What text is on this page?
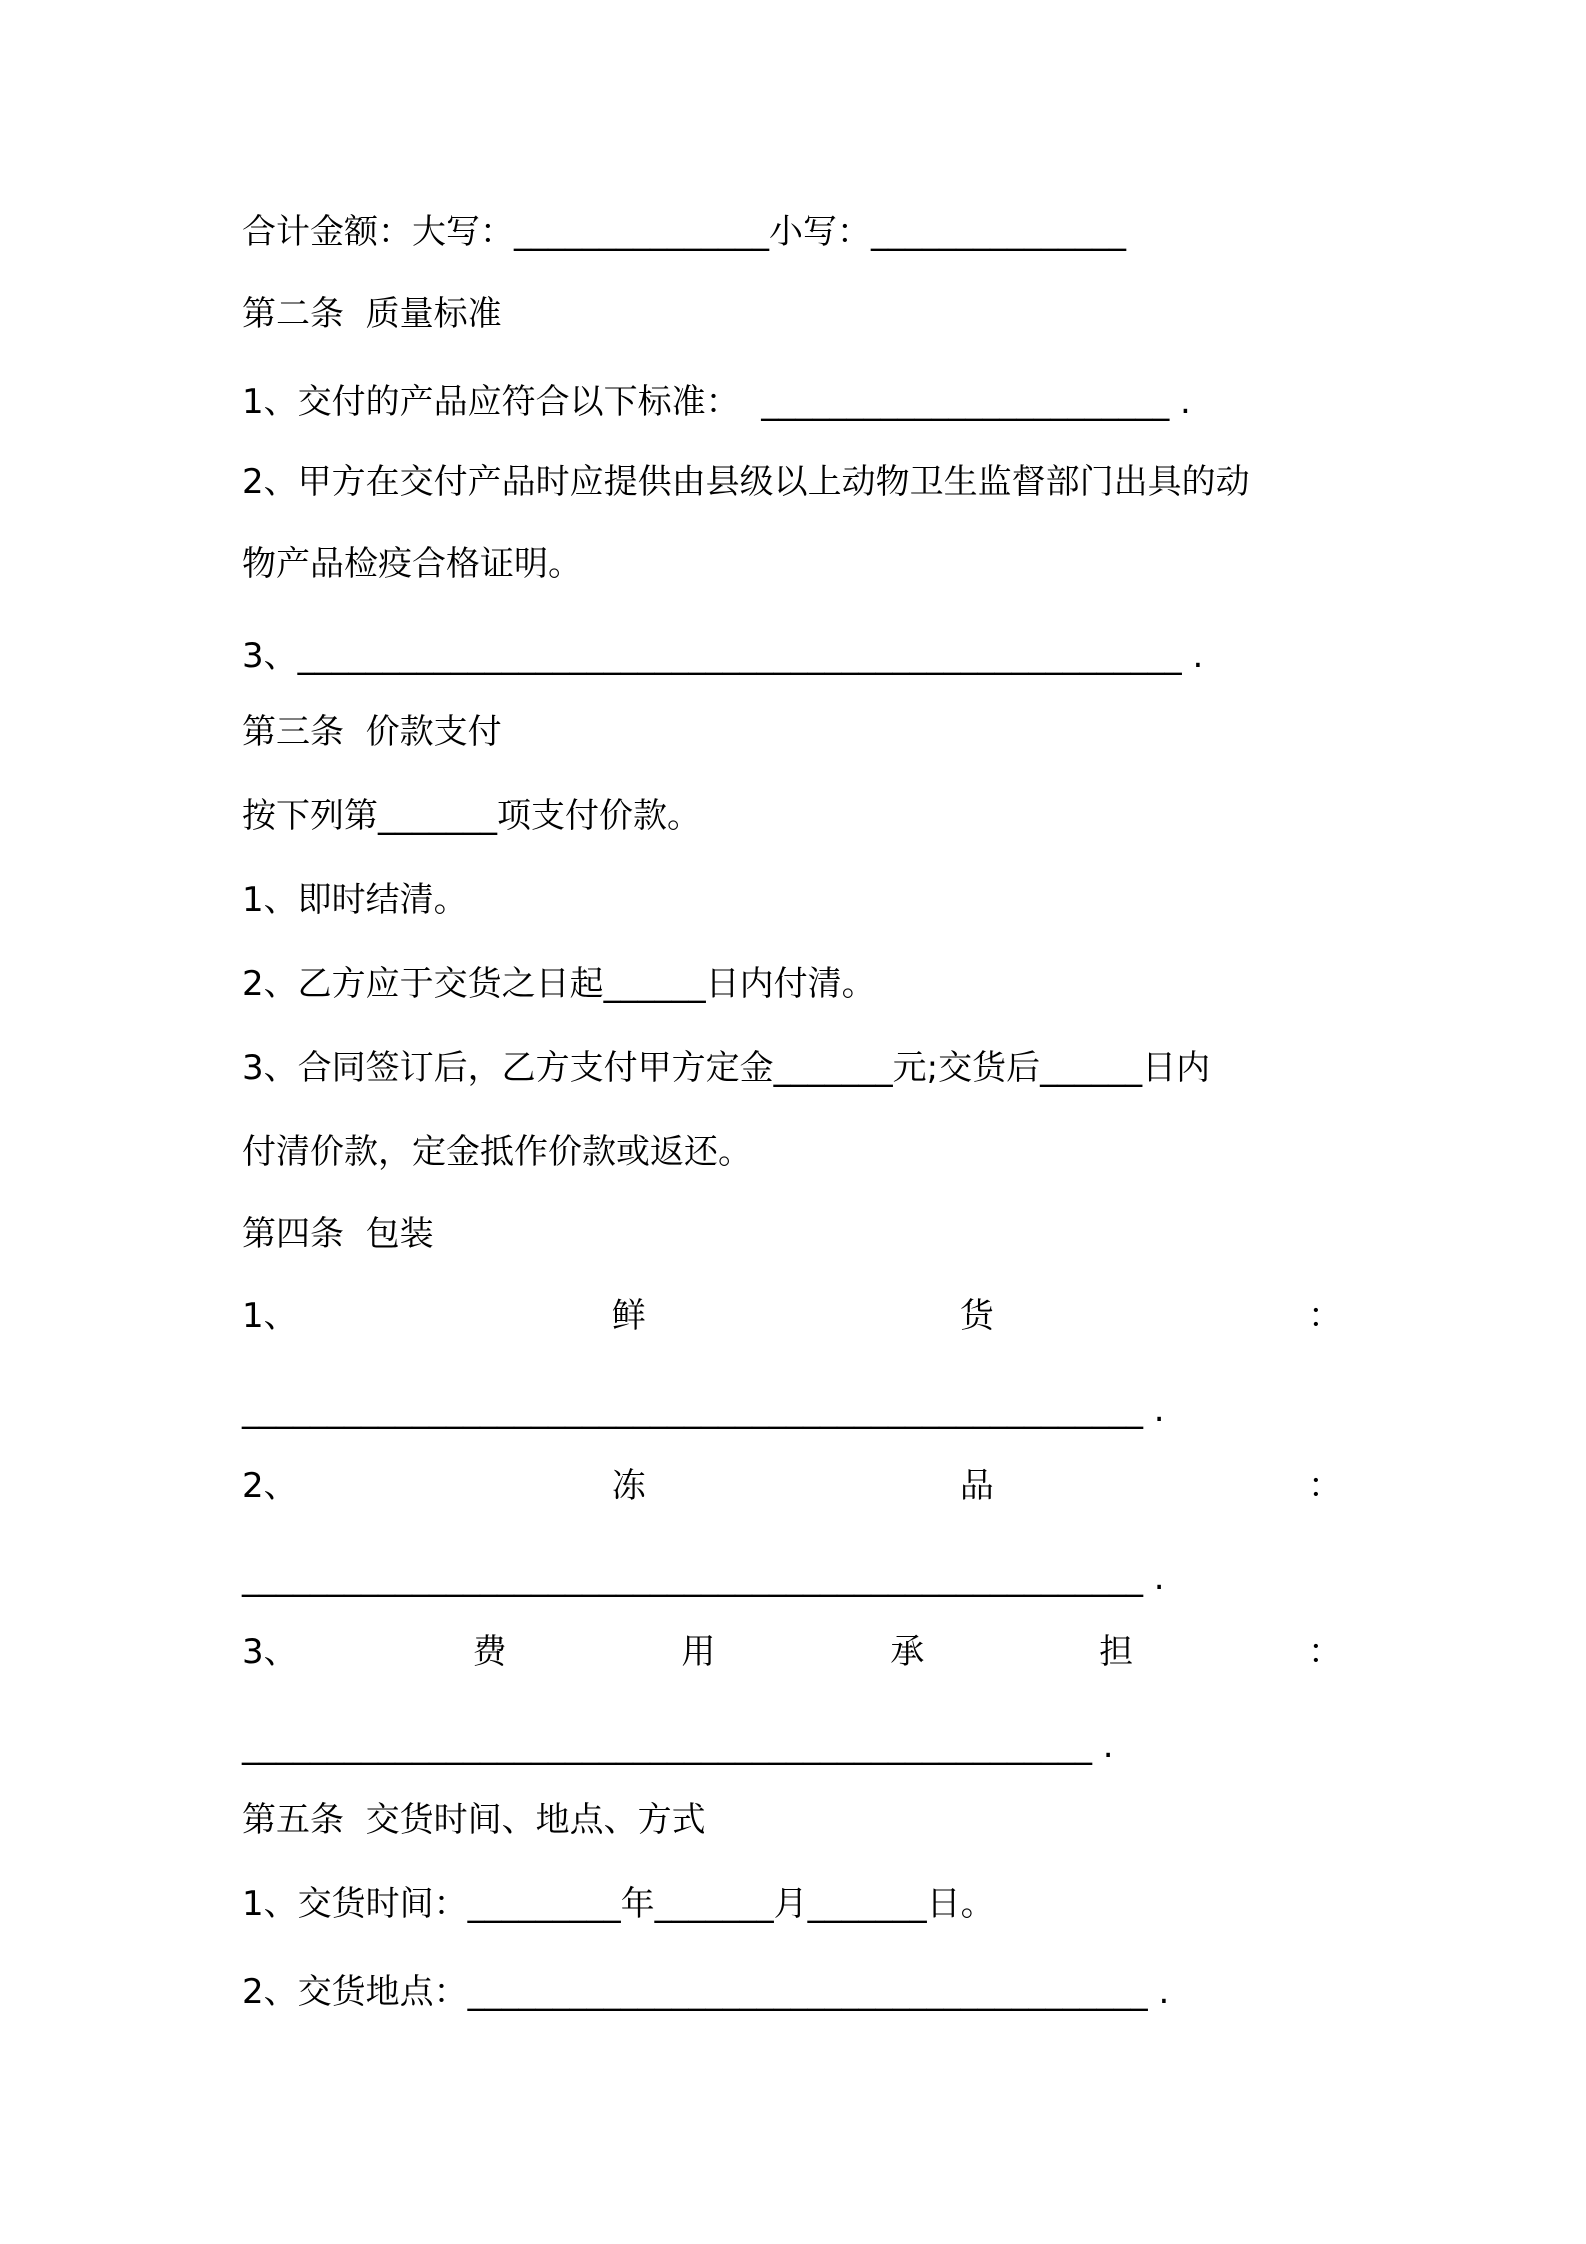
合计金额：大写：_______________小写：_______________
第二条  质量标准
1、交付的产品应符合以下标准：  ________________________ .
2、甲方在交付产品时应提供由县级以上动物卫生监督部门出具的动
物产品检疫合格证明。
3、____________________________________________________ .
第三条  价款支付
按下列第_______项支付价款。
1、即时结清。
2、乙方应于交货之日起______日内付清。
3、合同签订后，乙方支付甲方定金_______元;交货后______日内
付清价款，定金抵作价款或返还。
第四条  包装
1、	鲜	货	：
_____________________________________________________ .
2、	冻	品	：
_____________________________________________________ .
3、	费	用	承	担	：
__________________________________________________ .
第五条  交货时间、地点、方式
1、交货时间：_________年_______月_______日。
2、交货地点：________________________________________ .
